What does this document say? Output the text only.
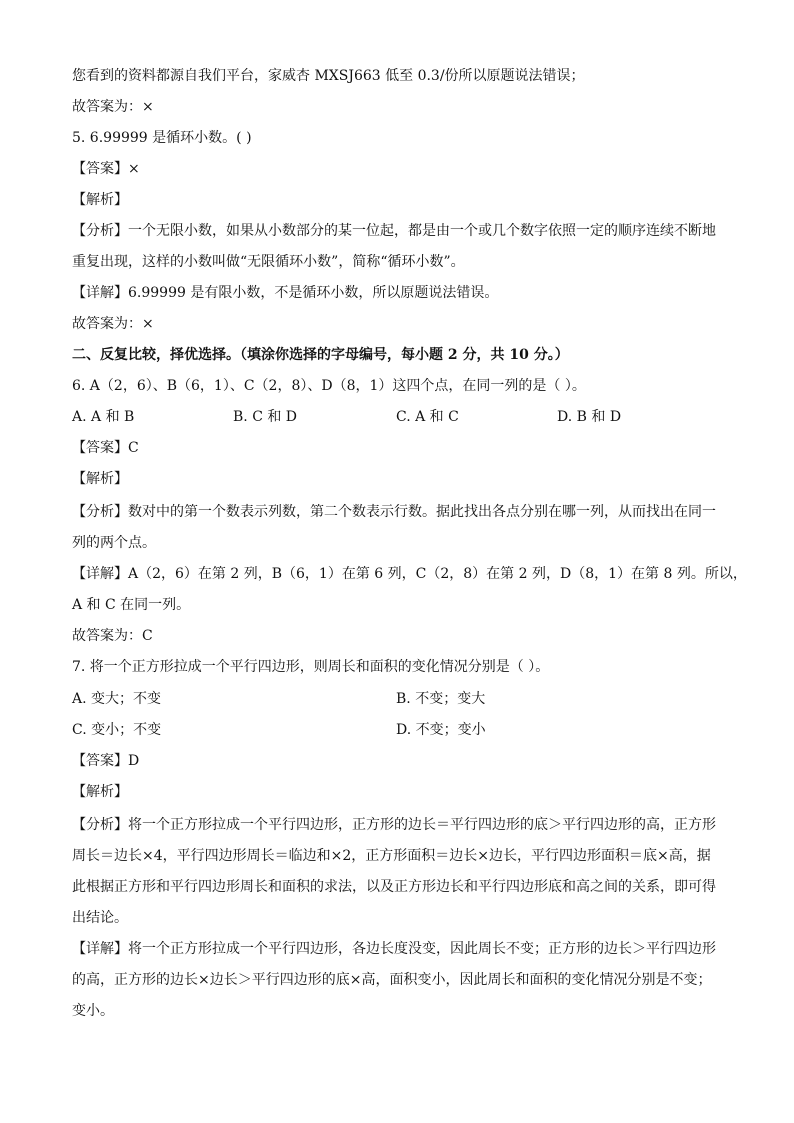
您看到的资料都源自我们平台，家威杏 MXSJ663 低至 0.3/份所以原题说法错误；
故答案为：×
5. 6.99999 是循环小数。( )
【答案】×
【解析】
【分析】一个无限小数，如果从小数部分的某一位起，都是由一个或几个数字依照一定的顺序连续不断地
重复出现，这样的小数叫做“无限循环小数”，简称“循环小数”。
【详解】6.99999 是有限小数，不是循环小数，所以原题说法错误。
故答案为：×
二、反复比较，择优选择。（填涂你选择的字母编号，每小题 2 分，共 10 分。）
6. A（2，6）、B（6，1）、C（2，8）、D（8，1）这四个点，在同一列的是（ ）。
A. A 和 B	B. C 和 D	C. A 和 C	D. B 和 D
【答案】C
【解析】
【分析】数对中的第一个数表示列数，第二个数表示行数。据此找出各点分别在哪一列，从而找出在同一
列的两个点。
【详解】A（2，6）在第 2 列，B（6，1）在第 6 列，C（2，8）在第 2 列，D（8，1）在第 8 列。所以，
A 和 C 在同一列。
故答案为：C
7. 将一个正方形拉成一个平行四边形，则周长和面积的变化情况分别是（ ）。
A. 变大；不变	B. 不变；变大
C. 变小；不变	D. 不变；变小
【答案】D
【解析】
【分析】将一个正方形拉成一个平行四边形，正方形的边长＝平行四边形的底＞平行四边形的高，正方形
周长＝边长×4，平行四边形周长＝临边和×2，正方形面积＝边长×边长，平行四边形面积＝底×高，据
此根据正方形和平行四边形周长和面积的求法，以及正方形边长和平行四边形底和高之间的关系，即可得
出结论。
【详解】将一个正方形拉成一个平行四边形，各边长度没变，因此周长不变；正方形的边长＞平行四边形
的高，正方形的边长×边长＞平行四边形的底×高，面积变小，因此周长和面积的变化情况分别是不变；
变小。
